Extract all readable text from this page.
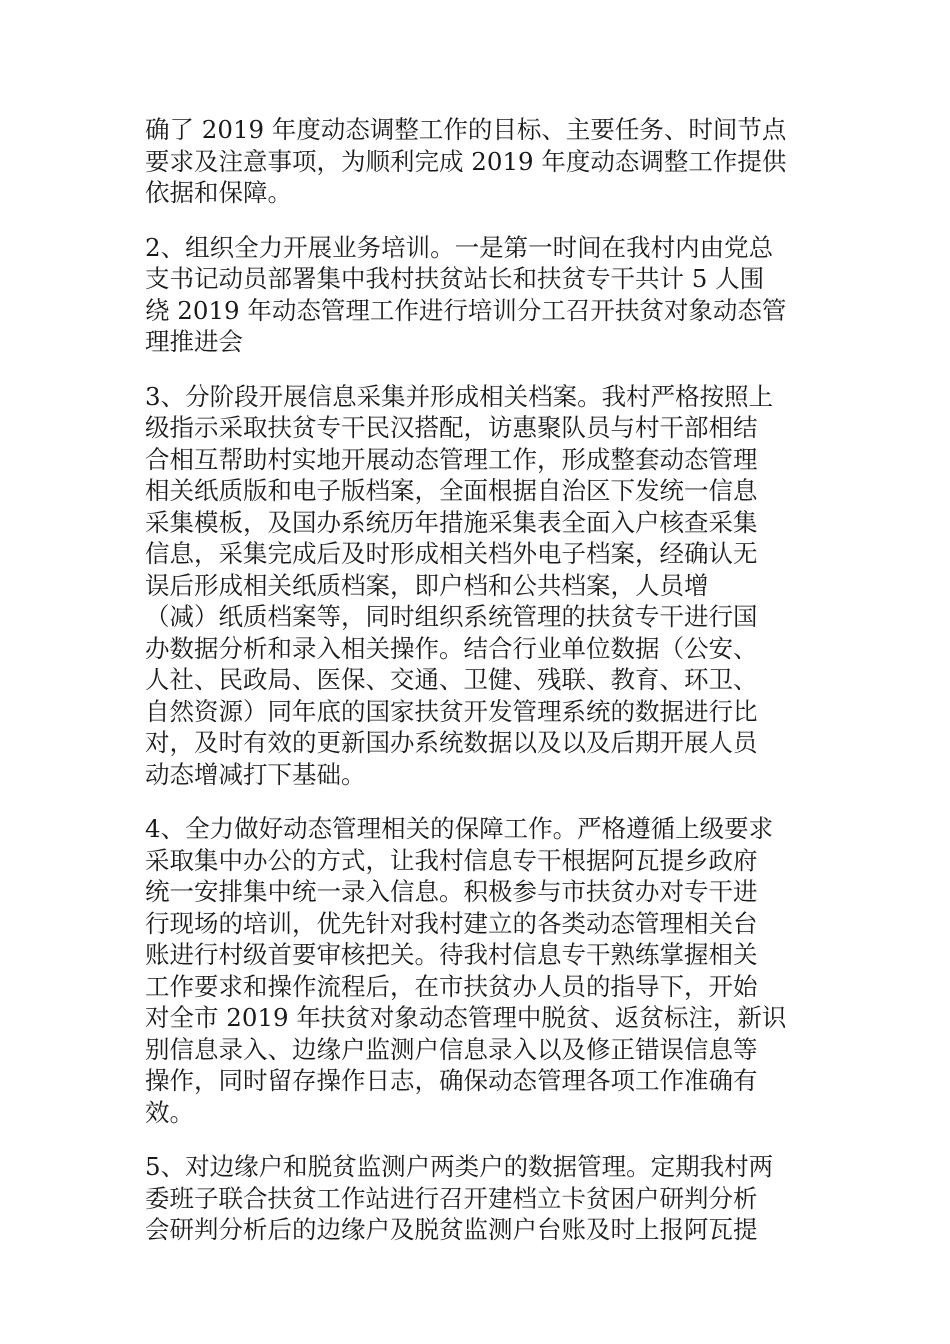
确了 2019 年度动态调整工作的目标、主要任务、时间节点
要求及注意事项，为顺利完成 2019 年度动态调整工作提供
依据和保障。

2、组织全力开展业务培训。一是第一时间在我村内由党总
支书记动员部署集中我村扶贫站长和扶贫专干共计 5 人围
绕 2019 年动态管理工作进行培训分工召开扶贫对象动态管
理推进会

3、分阶段开展信息采集并形成相关档案。我村严格按照上
级指示采取扶贫专干民汉搭配，访惠聚队员与村干部相结
合相互帮助村实地开展动态管理工作，形成整套动态管理
相关纸质版和电子版档案，全面根据自治区下发统一信息
采集模板，及国办系统历年措施采集表全面入户核查采集
信息，采集完成后及时形成相关档外电子档案，经确认无
误后形成相关纸质档案，即户档和公共档案，人员增
（减）纸质档案等，同时组织系统管理的扶贫专干进行国
办数据分析和录入相关操作。结合行业单位数据（公安、
人社、民政局、医保、交通、卫健、残联、教育、环卫、
自然资源）同年底的国家扶贫开发管理系统的数据进行比
对，及时有效的更新国办系统数据以及以及后期开展人员
动态增减打下基础。

4、全力做好动态管理相关的保障工作。严格遵循上级要求
采取集中办公的方式，让我村信息专干根据阿瓦提乡政府
统一安排集中统一录入信息。积极参与市扶贫办对专干进
行现场的培训，优先针对我村建立的各类动态管理相关台
账进行村级首要审核把关。待我村信息专干熟练掌握相关
工作要求和操作流程后，在市扶贫办人员的指导下，开始
对全市 2019 年扶贫对象动态管理中脱贫、返贫标注，新识
别信息录入、边缘户监测户信息录入以及修正错误信息等
操作，同时留存操作日志，确保动态管理各项工作准确有
效。

5、对边缘户和脱贫监测户两类户的数据管理。定期我村两
委班子联合扶贫工作站进行召开建档立卡贫困户研判分析
会研判分析后的边缘户及脱贫监测户台账及时上报阿瓦提
